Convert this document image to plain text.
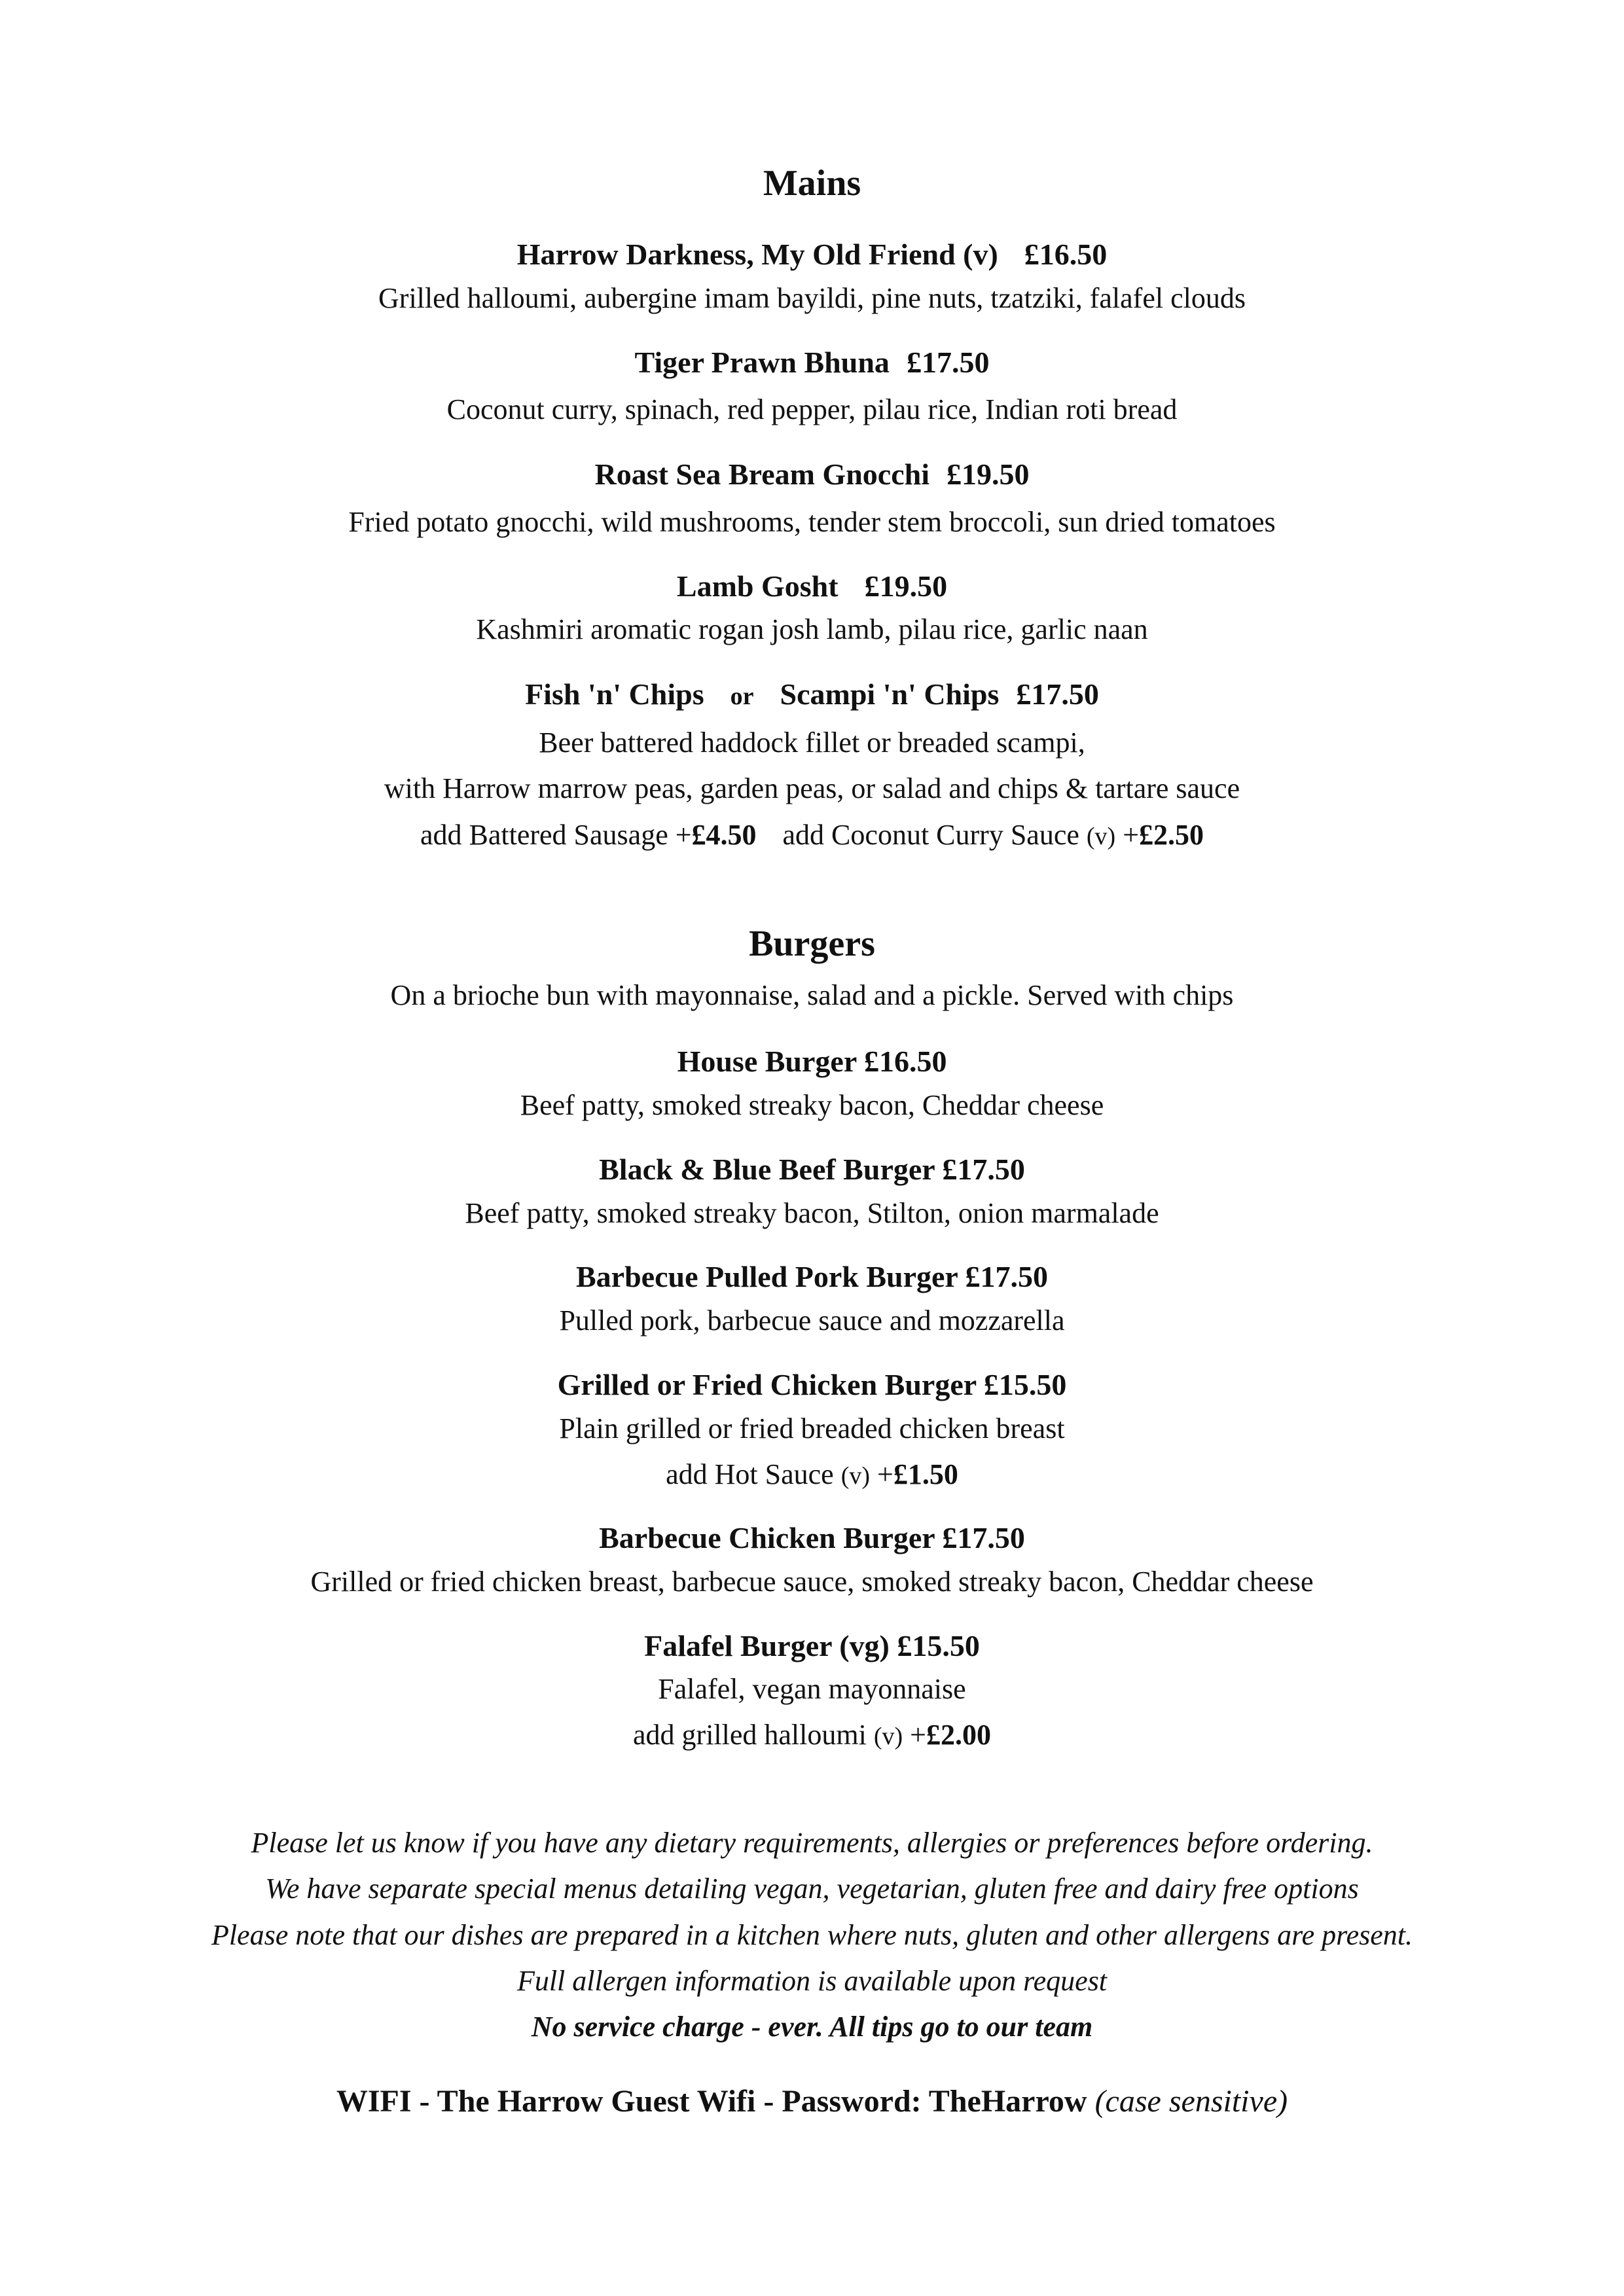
Mains
Harrow Darkness, My Old Friend (v) £16.50
Grilled halloumi, aubergine imam bayildi, pine nuts, tzatziki, falafel clouds
Tiger Prawn Bhuna £17.50
Coconut curry, spinach, red pepper, pilau rice, Indian roti bread
Roast Sea Bream Gnocchi £19.50
Fried potato gnocchi, wild mushrooms, tender stem broccoli, sun dried tomatoes
Lamb Gosht £19.50
Kashmiri aromatic rogan josh lamb, pilau rice, garlic naan
Fish 'n' Chips or Scampi 'n' Chips £17.50
Beer battered haddock fillet or breaded scampi,
with Harrow marrow peas, garden peas, or salad and chips & tartare sauce
add Battered Sausage +£4.50 add Coconut Curry Sauce (v) +£2.50
Burgers
On a brioche bun with mayonnaise, salad and a pickle. Served with chips
House Burger £16.50
Beef patty, smoked streaky bacon, Cheddar cheese
Black & Blue Beef Burger £17.50
Beef patty, smoked streaky bacon, Stilton, onion marmalade
Barbecue Pulled Pork Burger £17.50
Pulled pork, barbecue sauce and mozzarella
Grilled or Fried Chicken Burger £15.50
Plain grilled or fried breaded chicken breast
add Hot Sauce (v) +£1.50
Barbecue Chicken Burger £17.50
Grilled or fried chicken breast, barbecue sauce, smoked streaky bacon, Cheddar cheese
Falafel Burger (vg) £15.50
Falafel, vegan mayonnaise
add grilled halloumi (v) +£2.00
Please let us know if you have any dietary requirements, allergies or preferences before ordering.
We have separate special menus detailing vegan, vegetarian, gluten free and dairy free options
Please note that our dishes are prepared in a kitchen where nuts, gluten and other allergens are present.
Full allergen information is available upon request
No service charge - ever. All tips go to our team
WIFI - The Harrow Guest Wifi - Password: TheHarrow (case sensitive)
